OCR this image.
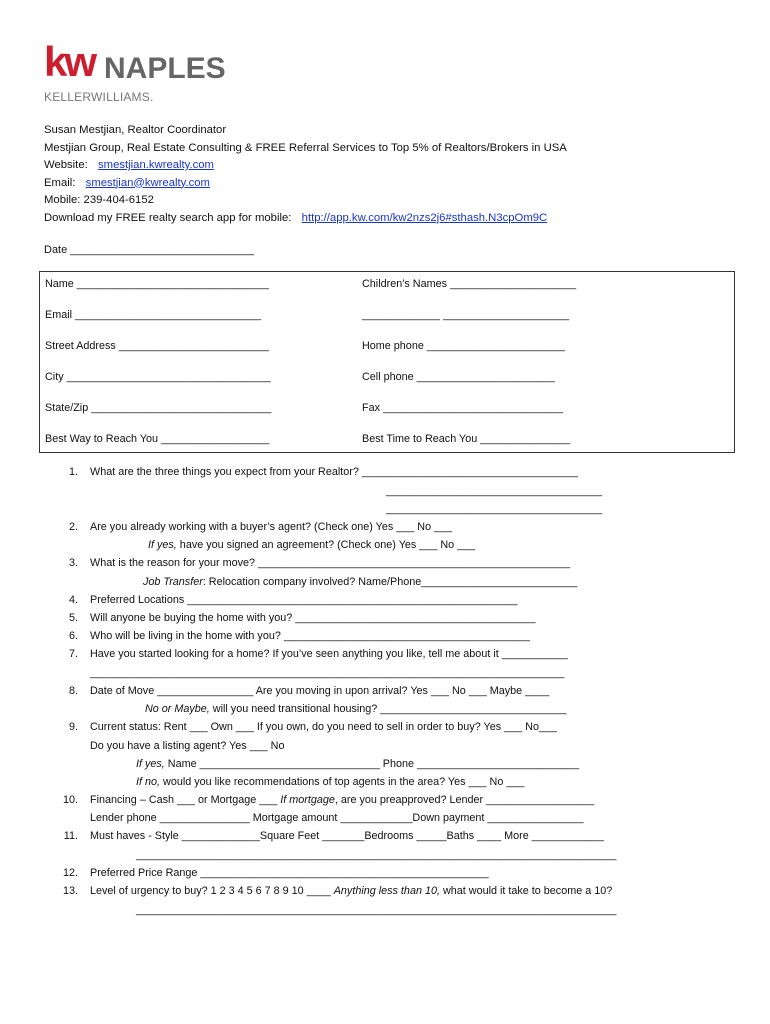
kw NAPLES
KELLERWILLIAMS.
Susan Mestjian, Realtor Coordinator
Mestjian Group, Real Estate Consulting & FREE Referral Services to Top 5% of Realtors/Brokers in USA
Website: smestjian.kwrealty.com
Email: smestjian@kwrealty.com
Mobile: 239-404-6152
Download my FREE realty search app for mobile: http://app.kw.com/kw2nzs2j6#sthash.N3cpOm9C
Date ______________________________
Name ________________________________
Email _______________________________
Street Address _________________________
City __________________________________
State/Zip ______________________________
Best Way to Reach You __________________
Children’s Names _____________________
_____________ _____________________
Home phone _______________________
Cell phone _______________________
Fax ______________________________
Best Time to Reach You _______________
1. What are the three things you expect from your Realtor? ____________________________________
____________________________________
____________________________________
2. Are you already working with a buyer’s agent? (Check one) Yes ___ No ___
If yes, have you signed an agreement? (Check one) Yes ___ No ___
3. What is the reason for your move? ____________________________________________________
Job Transfer: Relocation company involved? Name/Phone__________________________
4. Preferred Locations _______________________________________________________
5. Will anyone be buying the home with you? ________________________________________
6. Who will be living in the home with you? _________________________________________
7. Have you started looking for a home? If you’ve seen anything you like, tell me about it ___________
_______________________________________________________________________________
8. Date of Move ________________ Are you moving in upon arrival? Yes ___ No ___ Maybe ____
No or Maybe, will you need transitional housing? _______________________________
9. Current status: Rent ___ Own ___ If you own, do you need to sell in order to buy? Yes ___ No___
Do you have a listing agent? Yes ___ No
If yes, Name ______________________________ Phone ___________________________
If no, would you like recommendations of top agents in the area? Yes ___ No ___
10. Financing – Cash ___ or Mortgage ___ If mortgage, are you preapproved? Lender __________________
Lender phone _______________ Mortgage amount ____________Down payment ________________
11. Must haves - Style _____________Square Feet _______Bedrooms _____Baths ____ More ____________
________________________________________________________________________________
12. Preferred Price Range ________________________________________________
13. Level of urgency to buy? 1 2 3 4 5 6 7 8 9 10 ____ Anything less than 10, what would it take to become a 10?
________________________________________________________________________________
